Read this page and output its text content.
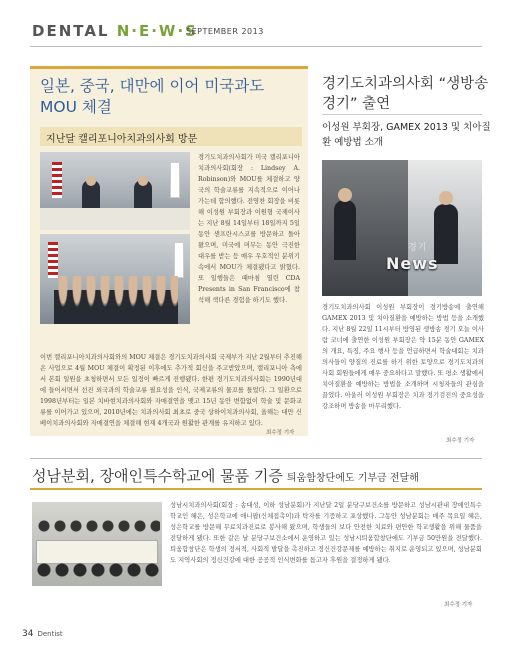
DENTAL N·E·W·S
SEPTEMBER 2013
일본, 중국, 대만에 이어 미국과도 MOU 체결
지난달 캘리포니아치과의사회 방문
경기도치과의사회가 미국 캘리포니아치과의사회(회장 : Lindsey A. Robinson)와 MOU를 체결하고 양국의 학술교류를 지속적으로 이어나가는데 합의했다. 전영찬 회장을 비롯해 이성원 부회장과 이원형 국제이사는 지난 8월 14일부터 18일까지 5일 동안 샌프란시스코를 방문하고 돌아왔으며, 미국에 머무는 동안 극진한 대우를 받는 등 매우 우호적인 분위기 속에서 MOU가 체결됐다고 밝혔다. 또 일행들은 때마침 열린 CDA Presents in San Francisco에 참석해 색다른 경험을 하기도 했다.
이번 캘리포니아치과의사회와의 MOU 체결은 경기도치과의사회 국제부가 지난 2월부터 추진해온 사업으로 4월 MOU 체결이 확정된 이후에도 추가적 회신을 주고받았으며, 캘리포니아 측에서 본회 일원을 초청하면서 모든 일정이 빠르게 진행됐다. 한편 경기도치과의사회는 1990년대에 들어서면서 선진 외국과의 학술교류 필요성을 인식, 국제교류의 물꼬를 틀었다. 그 일환으로 1998년부터는 일본 치바현치과의사회와 자매결연을 맺고 15년 동안 변함없이 학술 및 문화교류를 이어가고 있으며, 2010년에는 치과의사회 최초로 중국 상하이치과의사회, 올해는 대만 신베이치과의사회와 자매결연을 체결해 현재 4개국과 원활한 관계를 유지하고 있다.
최수정 기자
경기도치과의사회 “생방송 경기” 출연
이성원 부회장, GAMEX 2013 및 치아질환 예방법 소개
경기
News
경기도치과의사회 이성원 부회장이 경기방송에 출연해 GAMEX 2013 및 치아질환을 예방하는 방법 등을 소개했다. 지난 8월 22일 11시부터 방영된 생방송 경기 오늘 이사람 코너에 출연한 이성원 부회장은 약 15분 동안 GAMEX의 개요, 특징, 주요 행사 등을 언급하면서 학술대회는 치과의사들이 양질의 진료를 하기 위한 토양으로 경기도치과의사회 회원들에게 매우 중요하다고 말했다. 또 평소 생활에서 치아질환을 예방하는 방법을 소개하며 시청자들의 관심을 끌었다. 아울러 이성원 부회장은 치과 정기검진의 중요성을 강조하며 방송을 마무리했다.
최수정 기자
성남분회, 장애인특수학교에 물품 기증 틔움함창단에도 기부금 전달해
성남시치과의사회(회장 : 송대성, 이하 성남분회)가 지난달 2일 분당구보건소를 방문하고 성남시관내 장애인특수학교인 혜은, 성은학교에 애니팝(신체접촉이)과 탁자를 기증하고 포상했다. 그동안 성남분회는 매주 목요일 혜은, 성은학교를 방문해 무료치과진료로 봉사해 왔으며, 학생들의 보다 안전한 치료와 편안한 학교생활을 위해 물품을 전달하게 됐다. 또한 같은 날 분당구보건소에서 운영하고 있는 성남시틔움합창단에도 기부금 50만원을 전달했다. 틔움합창단은 학생의 정서적, 사회적 발달을 촉진하고 정신건강문제를 예방하는 취지로 운영되고 있으며, 성남분회도 지역사회의 정신건강에 대한 공공적 인식변화를 돕고자 후원을 결정하게 됐다.
최수정 기자
34 Dentist
